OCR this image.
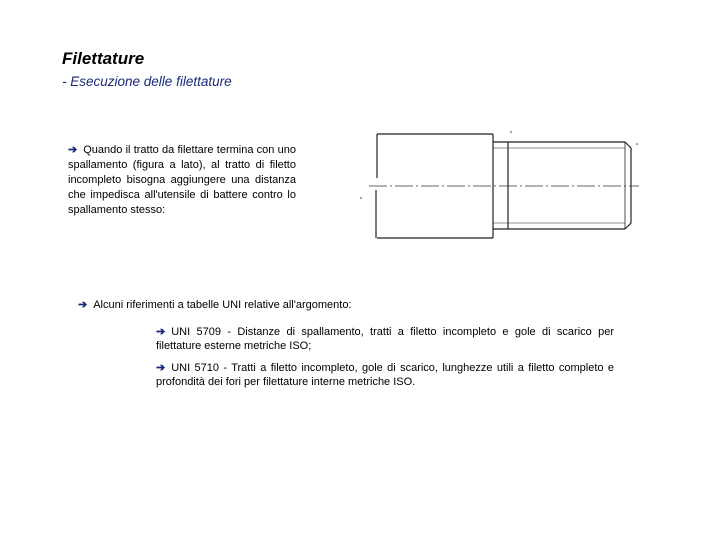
Filettature
- Esecuzione delle filettature
➔ Quando il tratto da filettare termina con uno spallamento (figura a lato), al tratto di filetto incompleto bisogna aggiungere una distanza che impedisca all'utensile di battere contro lo spallamento stesso:
➔ Alcuni riferimenti a tabelle UNI relative all'argomento:
➔ UNI 5709 - Distanze di spallamento, tratti a filetto incompleto e gole di scarico per filettature esterne metriche ISO;
➔ UNI 5710 - Tratti a filetto incompleto, gole di scarico, lunghezze utili a filetto completo e profondità dei fori per filettature interne metriche ISO.
